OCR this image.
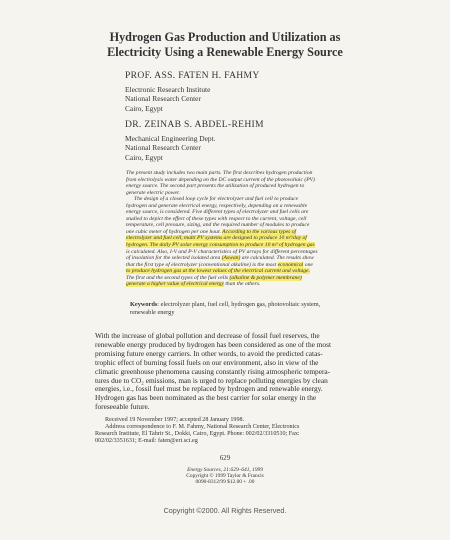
Hydrogen Gas Production and Utilization as
Electricity Using a Renewable Energy Source
PROF. ASS. FATEN H. FAHMY
Electronic Research Institute
National Research Center
Cairo, Egypt
DR. ZEINAB S. ABDEL-REHIM
Mechanical Engineering Dept.
National Research Center
Cairo, Egypt
The present study includes two main parts. The first describes hydrogen production
from electrolysis water depending on the DC output current of the photovoltaic (PV)
energy source. The second part presents the utilization of produced hydrogen to
generate electric power.
The design of a closed loop cycle for electrolyzer and fuel cell to produce
hydrogen and generate electrical energy, respectively, depending on a renewable
energy source, is considered. Five different types of electrolyzer and fuel cells are
studied to depict the effect of these types with respect to the current, voltage, cell
temperature, cell pressure, sizing, and the required number of modules to produce
one cubic meter of hydrogen per one hour. According to the various types of
electrolyzer and fuel cell, multi PV systems are designed to produce 10 m³/day of
hydrogen. The daily PV solar energy consumption to produce 10 m³ of hydrogen gas
is calculated. Also, I-V and P-V characteristics of PV arrays for different percentages
of insolation for the selected isolated area (Aswan) are calculated. The results show
that the first type of electrolyzer (conventional alkaline) is the most economical one
to produce hydrogen gas at the lowest values of the electrical current and voltage.
The first and the second types of the fuel cells (alkaline & polymer membrane)
generate a higher value of electrical energy than the others.
Keywords: electrolyzer plant, fuel cell, hydrogen gas, photovoltaic system,
renewable energy
With the increase of global pollution and decrease of fossil fuel reserves, the
renewable energy produced by hydrogen has been considered as one of the most
promising future energy carriers. In other words, to avoid the predicted catas-
trophic effect of burning fossil fuels on our environment, also in view of the
climatic greenhouse phenomena causing constantly rising atmospheric tempera-
tures due to CO₂ emissions, man is urged to replace polluting energies by clean
energies, i.e., fossil fuel must be replaced by hydrogen and renewable energy.
Hydrogen gas has been nominated as the best carrier for solar energy in the
foreseeable future.
Received 19 November 1997; accepted 28 January 1998.
Address correspondence to F. M. Fahmy, National Research Center, Electronics
Research Institute, El Tahrir St., Dokki, Cairo, Egypt. Phone: 002/02/3310510; Fax:
002/02/3351631; E-mail: faten@eri.sci.eg
629
Energy Sources, 21:629–641, 1999
Copyright © 1999 Taylor & Francis
0090-8312/99 $12.00 + .00
Copyright ©2000. All Rights Reserved.
